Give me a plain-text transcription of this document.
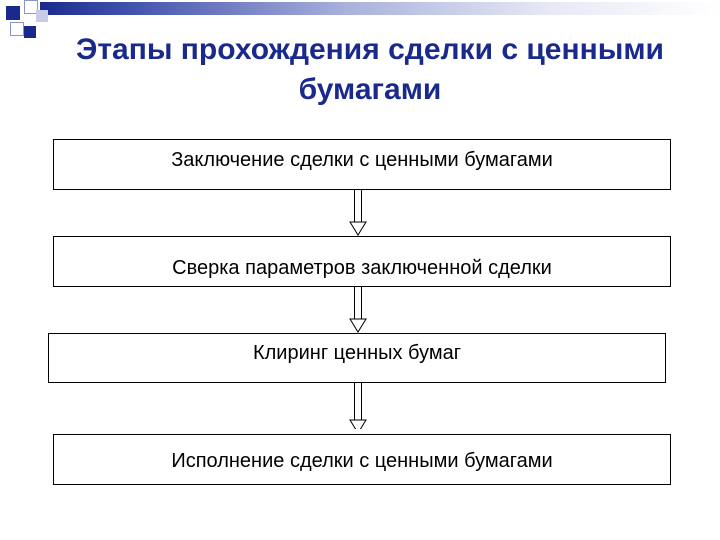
Этапы прохождения сделки с ценными бумагами
Заключение сделки с ценными бумагами
Сверка параметров заключенной сделки
Клиринг ценных бумаг
Исполнение сделки с ценными бумагами
